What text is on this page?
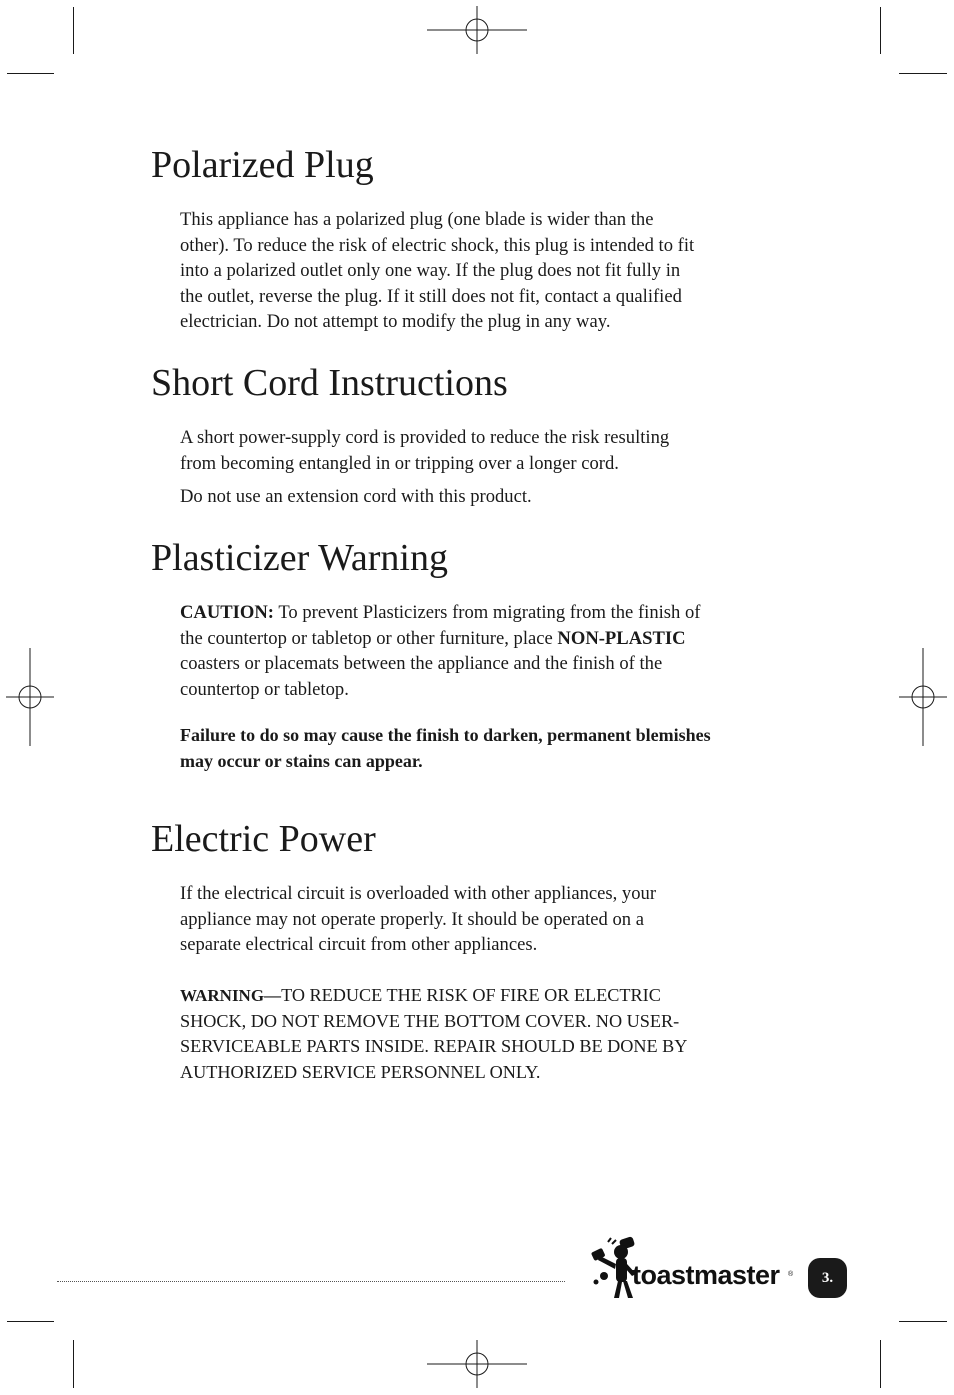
Polarized Plug
This appliance has a polarized plug (one blade is wider than the
other). To reduce the risk of electric shock, this plug is intended to fit
into a polarized outlet only one way. If the plug does not fit fully in
the outlet, reverse the plug. If it still does not fit, contact a qualified
electrician. Do not attempt to modify the plug in any way.
Short Cord Instructions
A short power-supply cord is provided to reduce the risk resulting
from becoming entangled in or tripping over a longer cord.
Do not use an extension cord with this product.
Plasticizer Warning
CAUTION: To prevent Plasticizers from migrating from the finish of
the countertop or tabletop or other furniture, place NON-PLASTIC
coasters or placemats between the appliance and the finish of the
countertop or tabletop.
Failure to do so may cause the finish to darken, permanent blemishes
may occur or stains can appear.
Electric Power
If the electrical circuit is overloaded with other appliances, your
appliance may not operate properly. It should be operated on a
separate electrical circuit from other appliances.
WARNING—TO REDUCE THE RISK OF FIRE OR ELECTRIC
SHOCK, DO NOT REMOVE THE BOTTOM COVER. NO USER-
SERVICEABLE PARTS INSIDE. REPAIR SHOULD BE DONE BY
AUTHORIZED SERVICE PERSONNEL ONLY.
toastmaster ®	3.
